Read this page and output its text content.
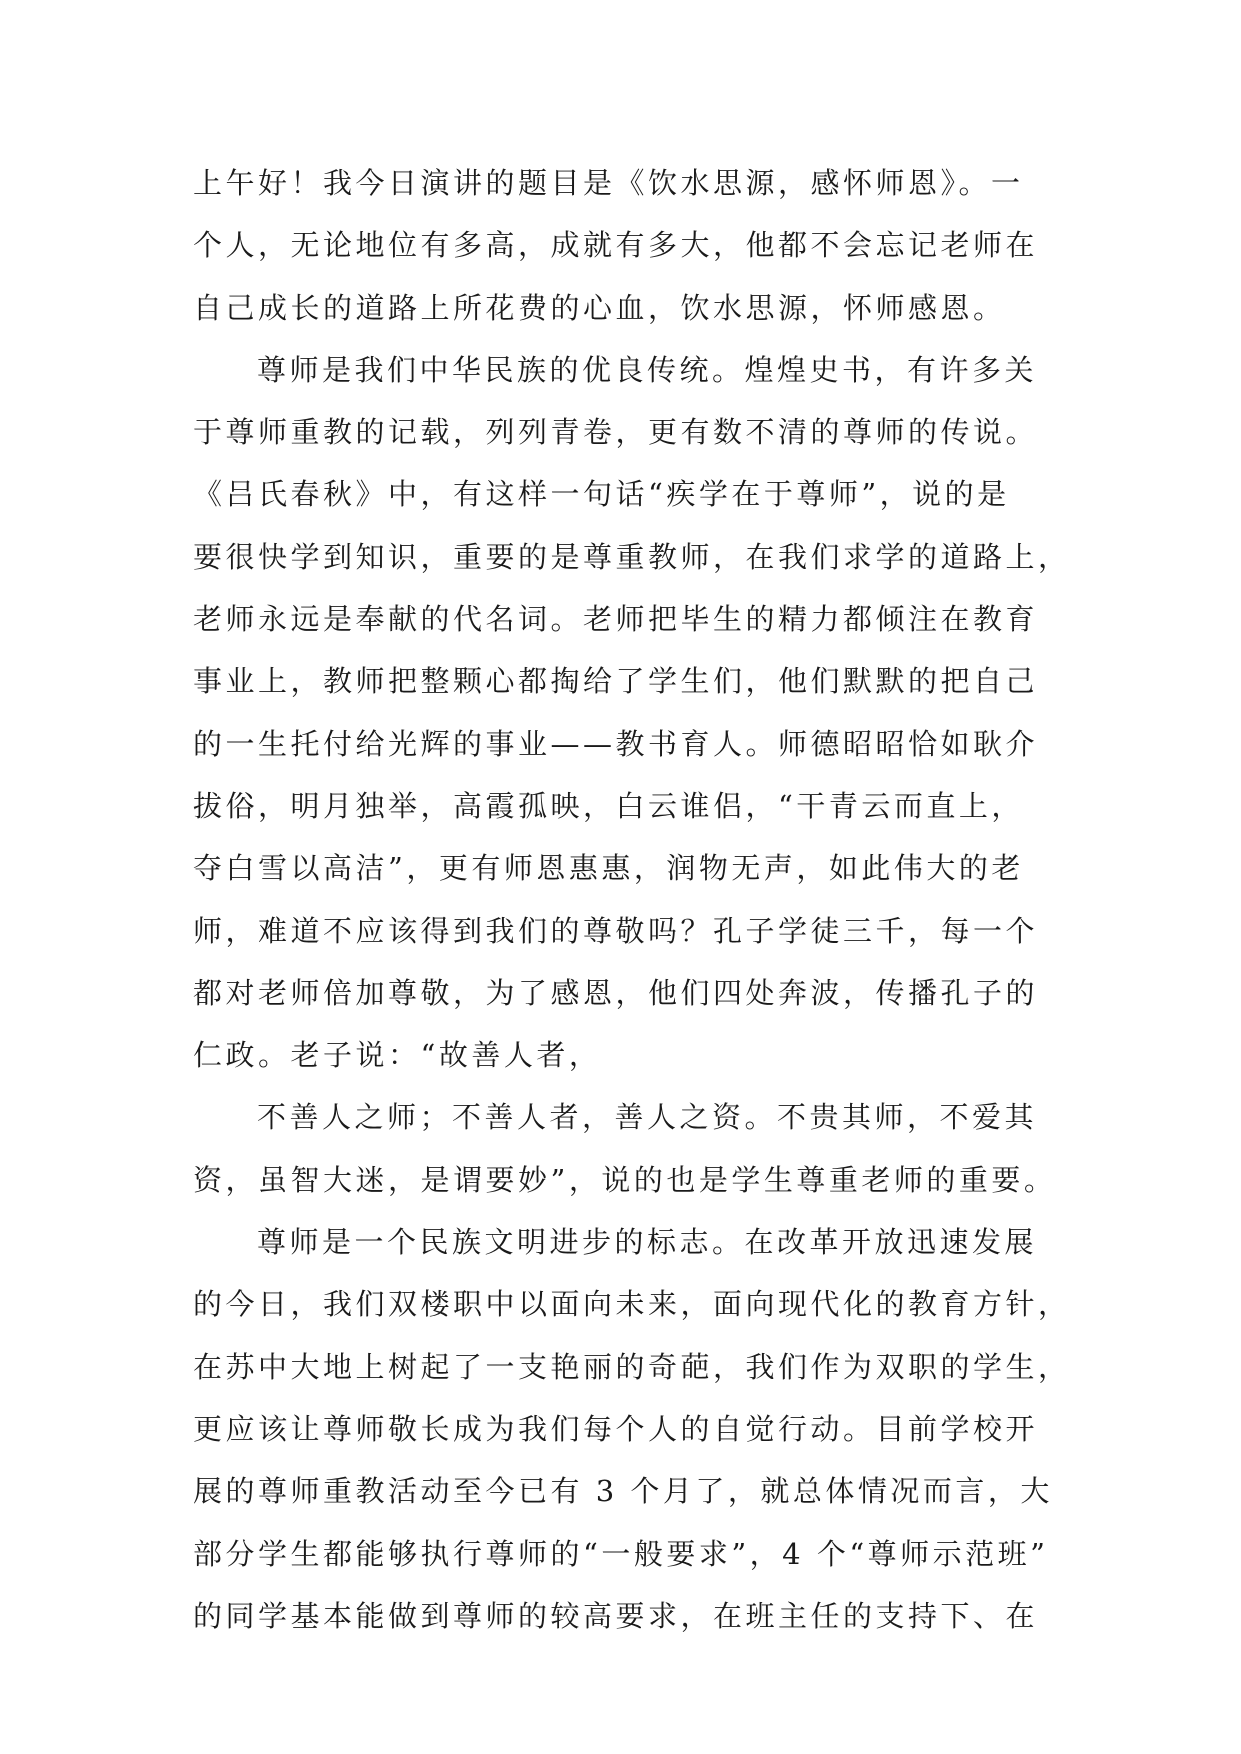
上午好！我今日演讲的题目是《饮水思源，感怀师恩》。一
个人，无论地位有多高，成就有多大，他都不会忘记老师在
自己成长的道路上所花费的心血，饮水思源，怀师感恩。
尊师是我们中华民族的优良传统。煌煌史书，有许多关
于尊师重教的记载，列列青卷，更有数不清的尊师的传说。
《吕氏春秋》中，有这样一句话“疾学在于尊师”，说的是
要很快学到知识，重要的是尊重教师，在我们求学的道路上，
老师永远是奉献的代名词。老师把毕生的精力都倾注在教育
事业上，教师把整颗心都掏给了学生们，他们默默的把自己
的一生托付给光辉的事业——教书育人。师德昭昭恰如耿介
拔俗，明月独举，高霞孤映，白云谁侣，“干青云而直上，
夺白雪以高洁”，更有师恩惠惠，润物无声，如此伟大的老
师，难道不应该得到我们的尊敬吗？孔子学徒三千，每一个
都对老师倍加尊敬，为了感恩，他们四处奔波，传播孔子的
仁政。老子说：“故善人者，
不善人之师；不善人者，善人之资。不贵其师，不爱其
资，虽智大迷，是谓要妙”，说的也是学生尊重老师的重要。
尊师是一个民族文明进步的标志。在改革开放迅速发展
的今日，我们双楼职中以面向未来，面向现代化的教育方针，
在苏中大地上树起了一支艳丽的奇葩，我们作为双职的学生，
更应该让尊师敬长成为我们每个人的自觉行动。目前学校开
展的尊师重教活动至今已有 3 个月了，就总体情况而言，大
部分学生都能够执行尊师的“一般要求”，4 个“尊师示范班”
的同学基本能做到尊师的较高要求，在班主任的支持下、在
